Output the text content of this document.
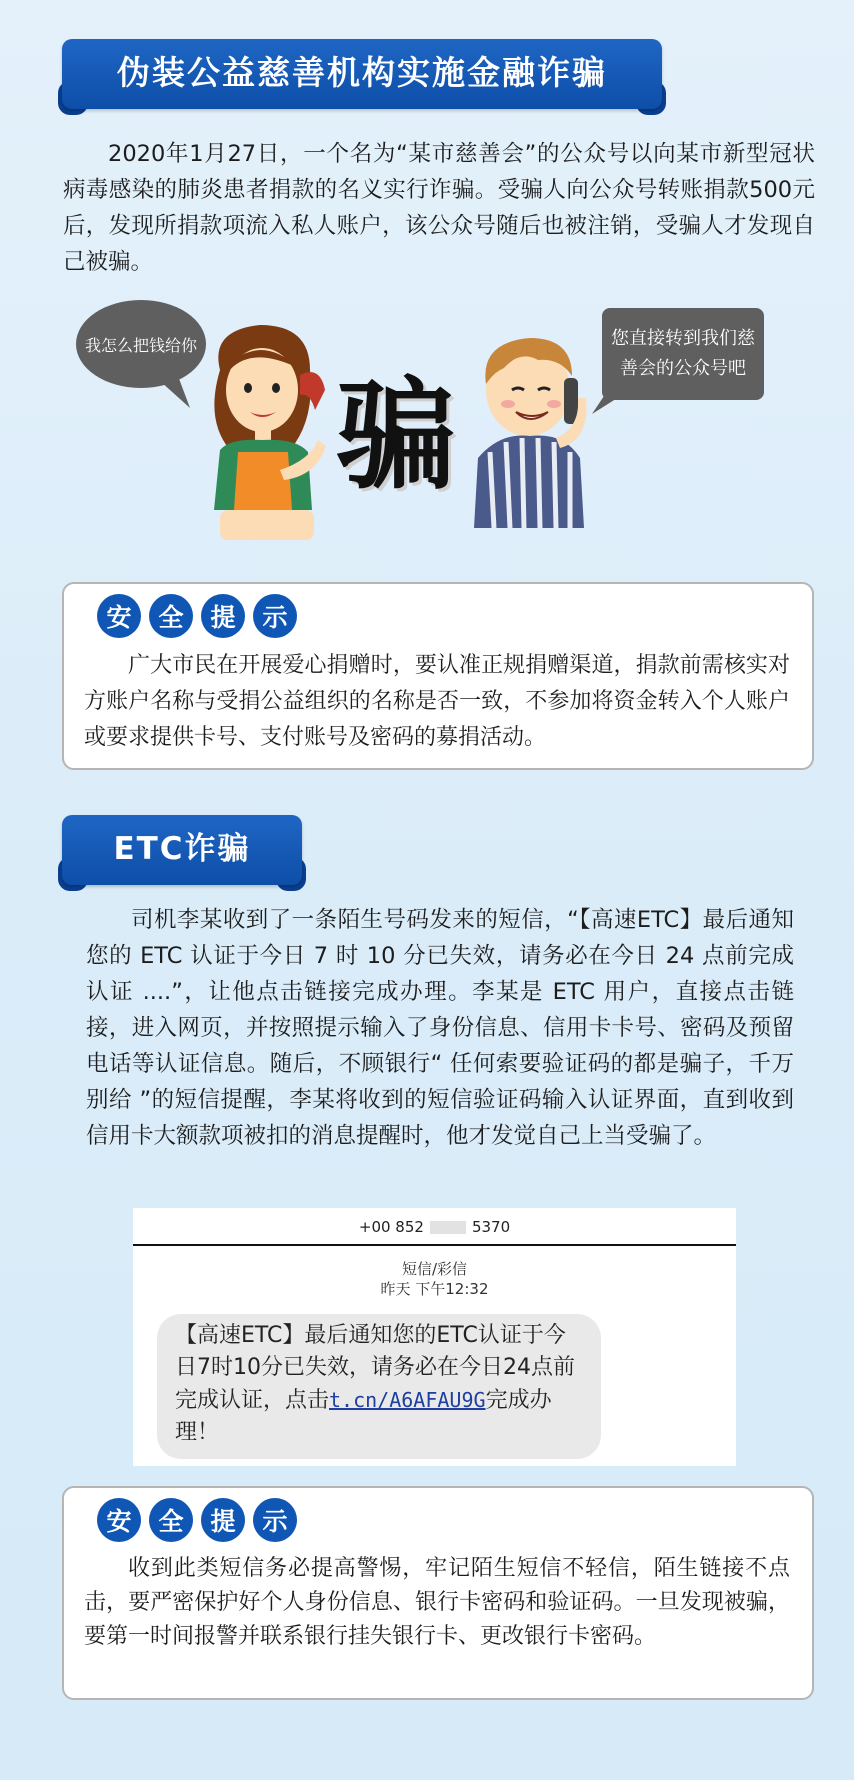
伪装公益慈善机构实施金融诈骗
2020年1月27日，一个名为“某市慈善会”的公众号以向某市新型冠状病毒感染的肺炎患者捐款的名义实行诈骗。受骗人向公众号转账捐款500元后，发现所捐款项流入私人账户，该公众号随后也被注销，受骗人才发现自己被骗。
我怎么把钱给你
骗
您直接转到我们慈善会的公众号吧
安	全	提	示
广大市民在开展爱心捐赠时，要认准正规捐赠渠道，捐款前需核实对方账户名称与受捐公益组织的名称是否一致，不参加将资金转入个人账户或要求提供卡号、支付账号及密码的募捐活动。
ETC诈骗
司机李某收到了一条陌生号码发来的短信，“【高速ETC】最后通知您的 ETC 认证于今日 7 时 10 分已失效，请务必在今日 24 点前完成认证 ....”，让他点击链接完成办理。李某是 ETC 用户，直接点击链接，进入网页，并按照提示输入了身份信息、信用卡卡号、密码及预留电话等认证信息。随后，不顾银行“ 任何索要验证码的都是骗子，千万别给 ”的短信提醒，李某将收到的短信验证码输入认证界面，直到收到信用卡大额款项被扣的消息提醒时，他才发觉自己上当受骗了。
+00 852	5370
短信/彩信
昨天 下午12:32
【高速ETC】最后通知您的ETC认证于今日7时10分已失效，请务必在今日24点前完成认证，点击t.cn/A6AFAU9G完成办理！
安	全	提	示
收到此类短信务必提高警惕，牢记陌生短信不轻信，陌生链接不点击，要严密保护好个人身份信息、银行卡密码和验证码。一旦发现被骗，要第一时间报警并联系银行挂失银行卡、更改银行卡密码。
